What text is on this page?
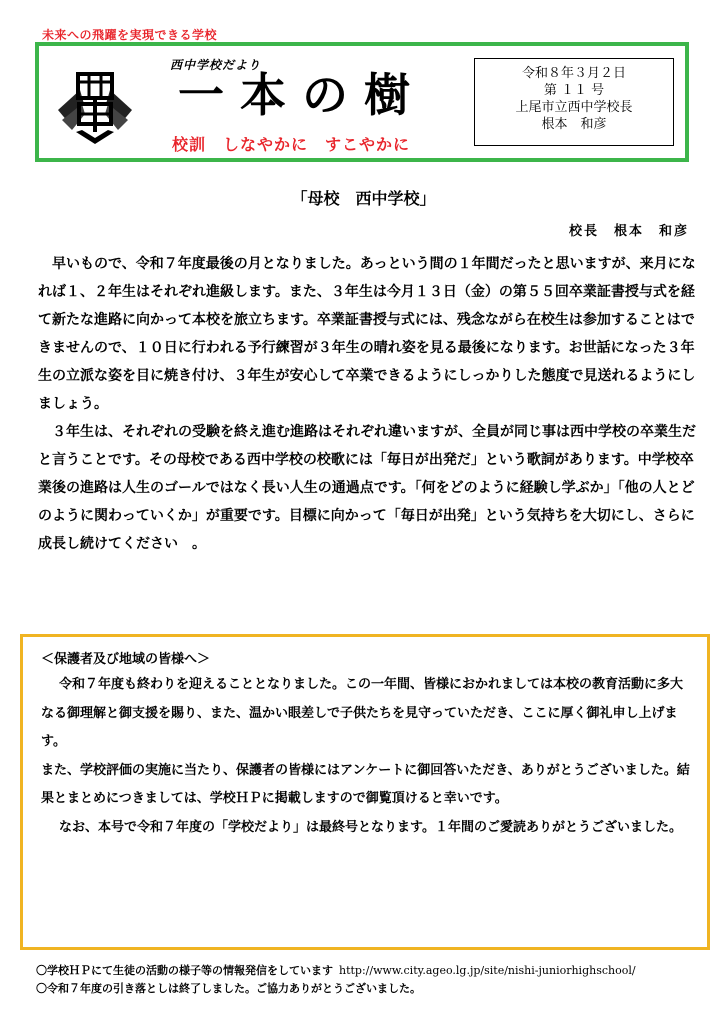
未来への飛躍を実現できる学校
西中学校だより
一本の樹
校訓　しなやかに　すこやかに
令和８年３月２日
第 １１ 号
上尾市立西中学校長
根本　和彦
「母校　西中学校」
校長　根本　和彦

早いもので、令和７年度最後の月となりました。あっという間の１年間だったと思いますが、来月になれば１、２年生はそれぞれ進級します。また、３年生は今月１３日（金）の第５５回卒業証書授与式を経て新たな進路に向かって本校を旅立ちます。卒業証書授与式には、残念ながら在校生は参加することはできませんので、１０日に行われる予行練習が３年生の晴れ姿を見る最後になります。お世話になった３年生の立派な姿を目に焼き付け、３年生が安心して卒業できるようにしっかりした態度で見送れるようにしましょう。

３年生は、それぞれの受験を終え進む進路はそれぞれ違いますが、全員が同じ事は西中学校の卒業生だと言うことです。その母校である西中学校の校歌には「毎日が出発だ」という歌詞があります。中学校卒業後の進路は人生のゴールではなく長い人生の通過点です。「何をどのように経験し学ぶか」「他の人とどのように関わっていくか」が重要です。目標に向かって「毎日が出発」という気持ちを大切にし、さらに成長し続けてください　。

＜保護者及び地域の皆様へ＞

令和７年度も終わりを迎えることとなりました。この一年間、皆様におかれましては本校の教育活動に多大なる御理解と御支援を賜り、また、温かい眼差しで子供たちを見守っていただき、ここに厚く御礼申し上げます。

また、学校評価の実施に当たり、保護者の皆様にはアンケートに御回答いただき、ありがとうございました。結果とまとめにつきましては、学校ＨＰに掲載しますので御覧頂けると幸いです。

なお、本号で令和７年度の「学校だより」は最終号となります。１年間のご愛読ありがとうございました。

〇学校ＨＰにて生徒の活動の様子等の情報発信をしています http://www.city.ageo.lg.jp/site/nishi-juniorhighschool/
〇令和７年度の引き落としは終了しました。ご協力ありがとうございました。
